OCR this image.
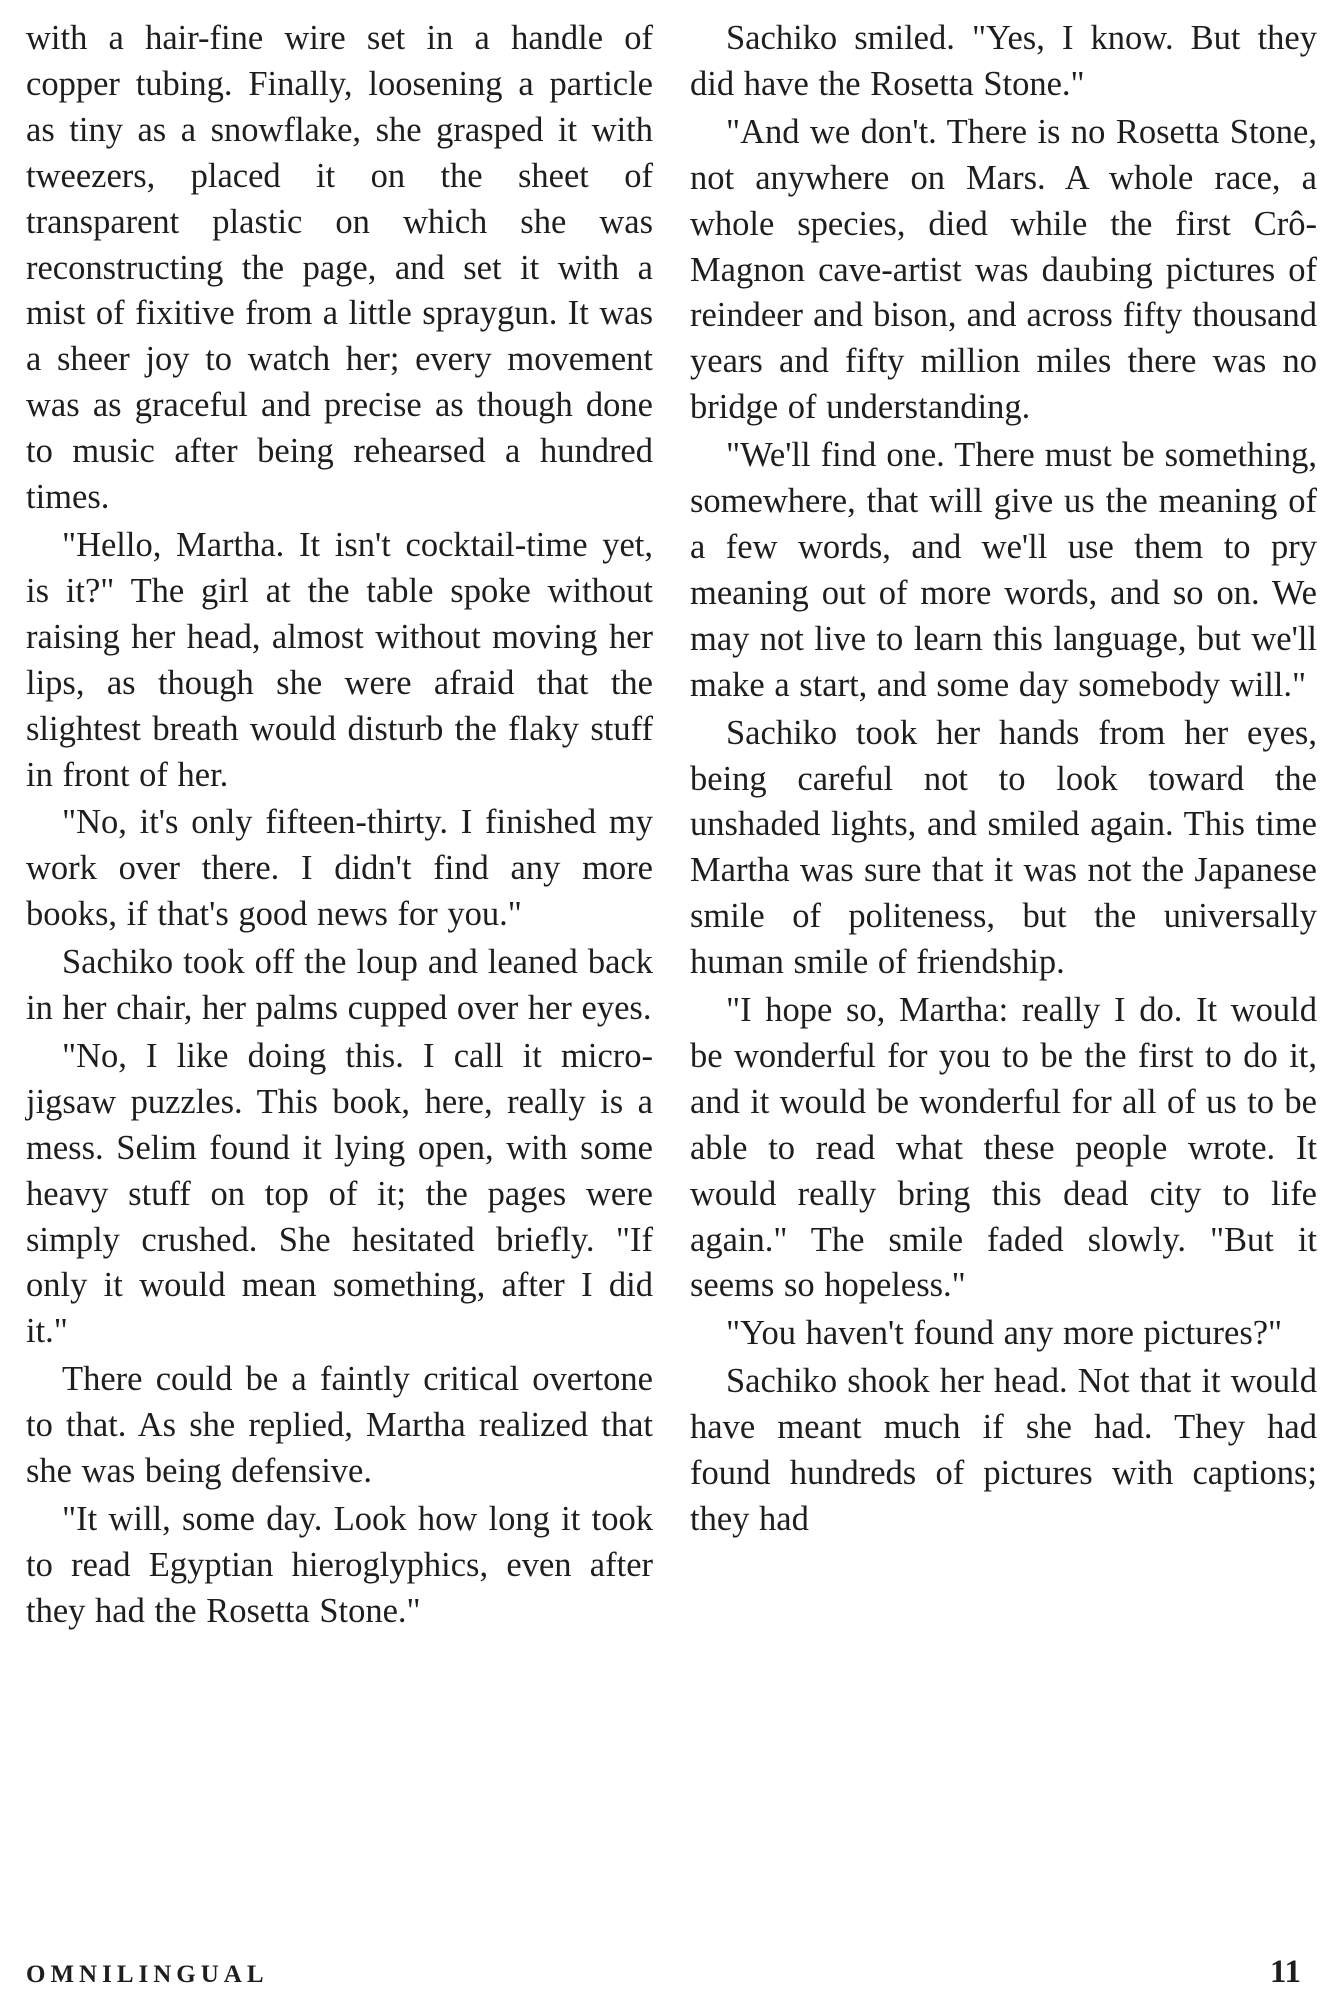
with a hair-fine wire set in a handle of copper tubing. Finally, loosening a particle as tiny as a snowflake, she grasped it with tweezers, placed it on the sheet of transparent plastic on which she was reconstructing the page, and set it with a mist of fixitive from a little spraygun. It was a sheer joy to watch her; every movement was as graceful and precise as though done to music after being rehearsed a hundred times.

"Hello, Martha. It isn't cocktail-time yet, is it?" The girl at the table spoke without raising her head, almost without moving her lips, as though she were afraid that the slightest breath would disturb the flaky stuff in front of her.

"No, it's only fifteen-thirty. I finished my work over there. I didn't find any more books, if that's good news for you."

Sachiko took off the loup and leaned back in her chair, her palms cupped over her eyes.

"No, I like doing this. I call it micro-jigsaw puzzles. This book, here, really is a mess. Selim found it lying open, with some heavy stuff on top of it; the pages were simply crushed. She hesitated briefly. "If only it would mean something, after I did it."

There could be a faintly critical overtone to that. As she replied, Martha realized that she was being defensive.

"It will, some day. Look how long it took to read Egyptian hieroglyphics, even after they had the Rosetta Stone."

Sachiko smiled. "Yes, I know. But they did have the Rosetta Stone."

"And we don't. There is no Rosetta Stone, not anywhere on Mars. A whole race, a whole species, died while the first Crô-Magnon cave-artist was daubing pictures of reindeer and bison, and across fifty thousand years and fifty million miles there was no bridge of understanding.

"We'll find one. There must be something, somewhere, that will give us the meaning of a few words, and we'll use them to pry meaning out of more words, and so on. We may not live to learn this language, but we'll make a start, and some day somebody will."

Sachiko took her hands from her eyes, being careful not to look toward the unshaded lights, and smiled again. This time Martha was sure that it was not the Japanese smile of politeness, but the universally human smile of friendship.

"I hope so, Martha: really I do. It would be wonderful for you to be the first to do it, and it would be wonderful for all of us to be able to read what these people wrote. It would really bring this dead city to life again." The smile faded slowly. "But it seems so hopeless."

"You haven't found any more pictures?"

Sachiko shook her head. Not that it would have meant much if she had. They had found hundreds of pictures with captions; they had

OMNILINGUAL	11
